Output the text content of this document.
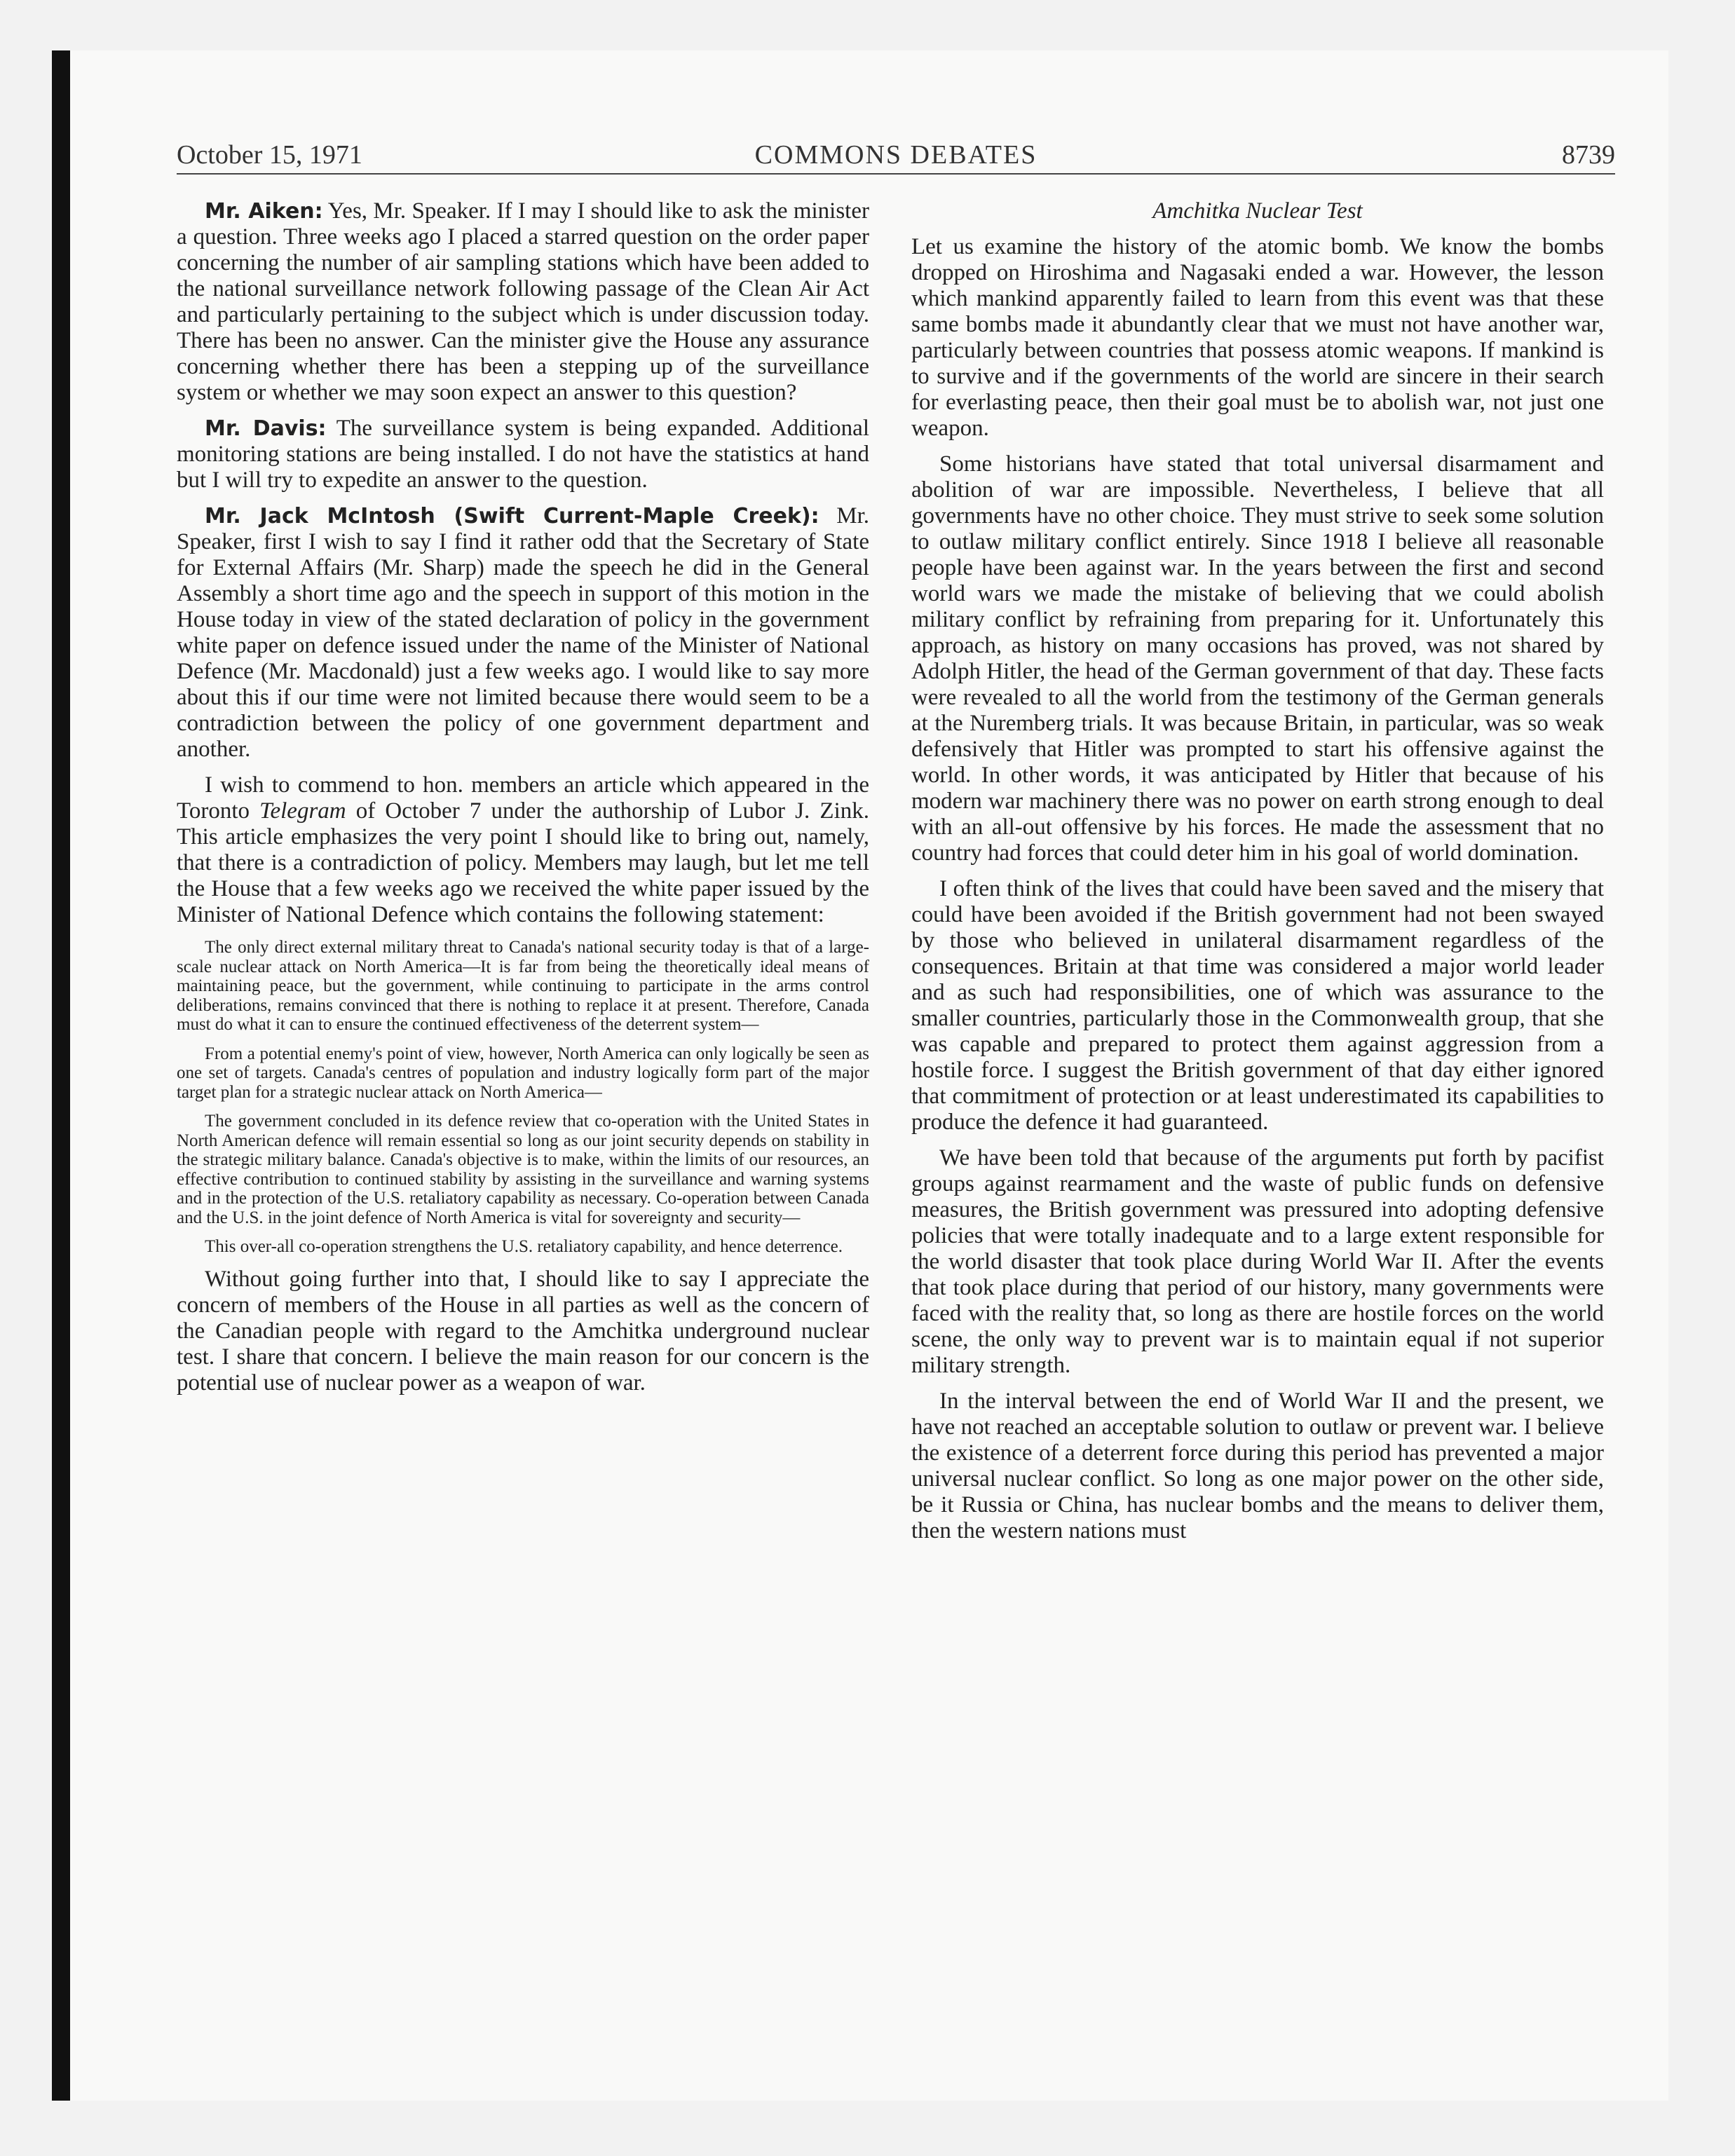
October 15, 1971	COMMONS DEBATES	8739

Mr. Aiken: Yes, Mr. Speaker. If I may I should like to ask the minister a question. Three weeks ago I placed a starred question on the order paper concerning the number of air sampling stations which have been added to the national surveillance network following passage of the Clean Air Act and particularly pertaining to the subject which is under discussion today. There has been no answer. Can the minister give the House any assurance concerning whether there has been a stepping up of the surveillance system or whether we may soon expect an answer to this question?

Mr. Davis: The surveillance system is being expanded. Additional monitoring stations are being installed. I do not have the statistics at hand but I will try to expedite an answer to the question.

Mr. Jack McIntosh (Swift Current-Maple Creek): Mr. Speaker, first I wish to say I find it rather odd that the Secretary of State for External Affairs (Mr. Sharp) made the speech he did in the General Assembly a short time ago and the speech in support of this motion in the House today in view of the stated declaration of policy in the government white paper on defence issued under the name of the Minister of National Defence (Mr. Macdonald) just a few weeks ago. I would like to say more about this if our time were not limited because there would seem to be a contradiction between the policy of one government department and another.

I wish to commend to hon. members an article which appeared in the Toronto Telegram of October 7 under the authorship of Lubor J. Zink. This article emphasizes the very point I should like to bring out, namely, that there is a contradiction of policy. Members may laugh, but let me tell the House that a few weeks ago we received the white paper issued by the Minister of National Defence which contains the following statement:

The only direct external military threat to Canada's national security today is that of a large-scale nuclear attack on North America—It is far from being the theoretically ideal means of maintaining peace, but the government, while continuing to participate in the arms control deliberations, remains convinced that there is nothing to replace it at present. Therefore, Canada must do what it can to ensure the continued effectiveness of the deterrent system—

From a potential enemy's point of view, however, North America can only logically be seen as one set of targets. Canada's centres of population and industry logically form part of the major target plan for a strategic nuclear attack on North America—

The government concluded in its defence review that co-operation with the United States in North American defence will remain essential so long as our joint security depends on stability in the strategic military balance. Canada's objective is to make, within the limits of our resources, an effective contribution to continued stability by assisting in the surveillance and warning systems and in the protection of the U.S. retaliatory capability as necessary. Co-operation between Canada and the U.S. in the joint defence of North America is vital for sovereignty and security—

This over-all co-operation strengthens the U.S. retaliatory capability, and hence deterrence.

Without going further into that, I should like to say I appreciate the concern of members of the House in all parties as well as the concern of the Canadian people with regard to the Amchitka underground nuclear test. I share that concern. I believe the main reason for our concern is the potential use of nuclear power as a weapon of war.

Amchitka Nuclear Test

Let us examine the history of the atomic bomb. We know the bombs dropped on Hiroshima and Nagasaki ended a war. However, the lesson which mankind apparently failed to learn from this event was that these same bombs made it abundantly clear that we must not have another war, particularly between countries that possess atomic weapons. If mankind is to survive and if the governments of the world are sincere in their search for everlasting peace, then their goal must be to abolish war, not just one weapon.

Some historians have stated that total universal disarmament and abolition of war are impossible. Nevertheless, I believe that all governments have no other choice. They must strive to seek some solution to outlaw military conflict entirely. Since 1918 I believe all reasonable people have been against war. In the years between the first and second world wars we made the mistake of believing that we could abolish military conflict by refraining from preparing for it. Unfortunately this approach, as history on many occasions has proved, was not shared by Adolph Hitler, the head of the German government of that day. These facts were revealed to all the world from the testimony of the German generals at the Nuremberg trials. It was because Britain, in particular, was so weak defensively that Hitler was prompted to start his offensive against the world. In other words, it was anticipated by Hitler that because of his modern war machinery there was no power on earth strong enough to deal with an all-out offensive by his forces. He made the assessment that no country had forces that could deter him in his goal of world domination.

I often think of the lives that could have been saved and the misery that could have been avoided if the British government had not been swayed by those who believed in unilateral disarmament regardless of the consequences. Britain at that time was considered a major world leader and as such had responsibilities, one of which was assurance to the smaller countries, particularly those in the Commonwealth group, that she was capable and prepared to protect them against aggression from a hostile force. I suggest the British government of that day either ignored that commitment of protection or at least underestimated its capabilities to produce the defence it had guaranteed.

We have been told that because of the arguments put forth by pacifist groups against rearmament and the waste of public funds on defensive measures, the British government was pressured into adopting defensive policies that were totally inadequate and to a large extent responsible for the world disaster that took place during World War II. After the events that took place during that period of our history, many governments were faced with the reality that, so long as there are hostile forces on the world scene, the only way to prevent war is to maintain equal if not superior military strength.

In the interval between the end of World War II and the present, we have not reached an acceptable solution to outlaw or prevent war. I believe the existence of a deterrent force during this period has prevented a major universal nuclear conflict. So long as one major power on the other side, be it Russia or China, has nuclear bombs and the means to deliver them, then the western nations must
